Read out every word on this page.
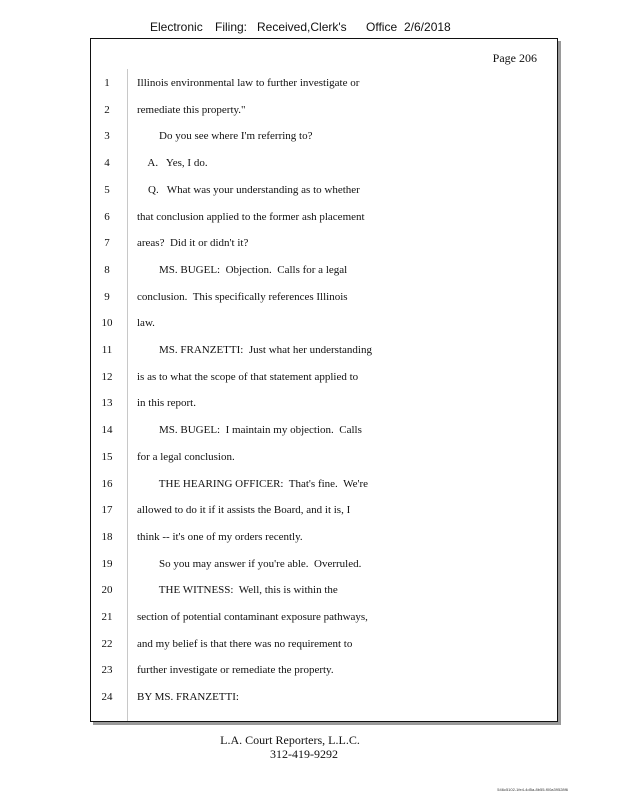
Electronic Filing: Received,Clerk's Office 2/6/2018
Page 206
1	Illinois environmental law to further investigate or
2	remediate this property."
3	Do you see where I'm referring to?
4	A.   Yes, I do.
5	Q.   What was your understanding as to whether
6	that conclusion applied to the former ash placement
7	areas?  Did it or didn't it?
8	MS. BUGEL:  Objection.  Calls for a legal
9	conclusion.  This specifically references Illinois
10	law.
11	MS. FRANZETTI:  Just what her understanding
12	is as to what the scope of that statement applied to
13	in this report.
14	MS. BUGEL:  I maintain my objection.  Calls
15	for a legal conclusion.
16	THE HEARING OFFICER:  That's fine.  We're
17	allowed to do it if it assists the Board, and it is, I
18	think -- it's one of my orders recently.
19	So you may answer if you're able.  Overruled.
20	THE WITNESS:  Well, this is within the
21	section of potential contaminant exposure pathways,
22	and my belief is that there was no requirement to
23	further investigate or remediate the property.
24	BY MS. FRANZETTI:
L.A. Court Reporters, L.L.C.
312-419-9292
546c5102-1fe4-4d5a-8b55-f00a39528f6
